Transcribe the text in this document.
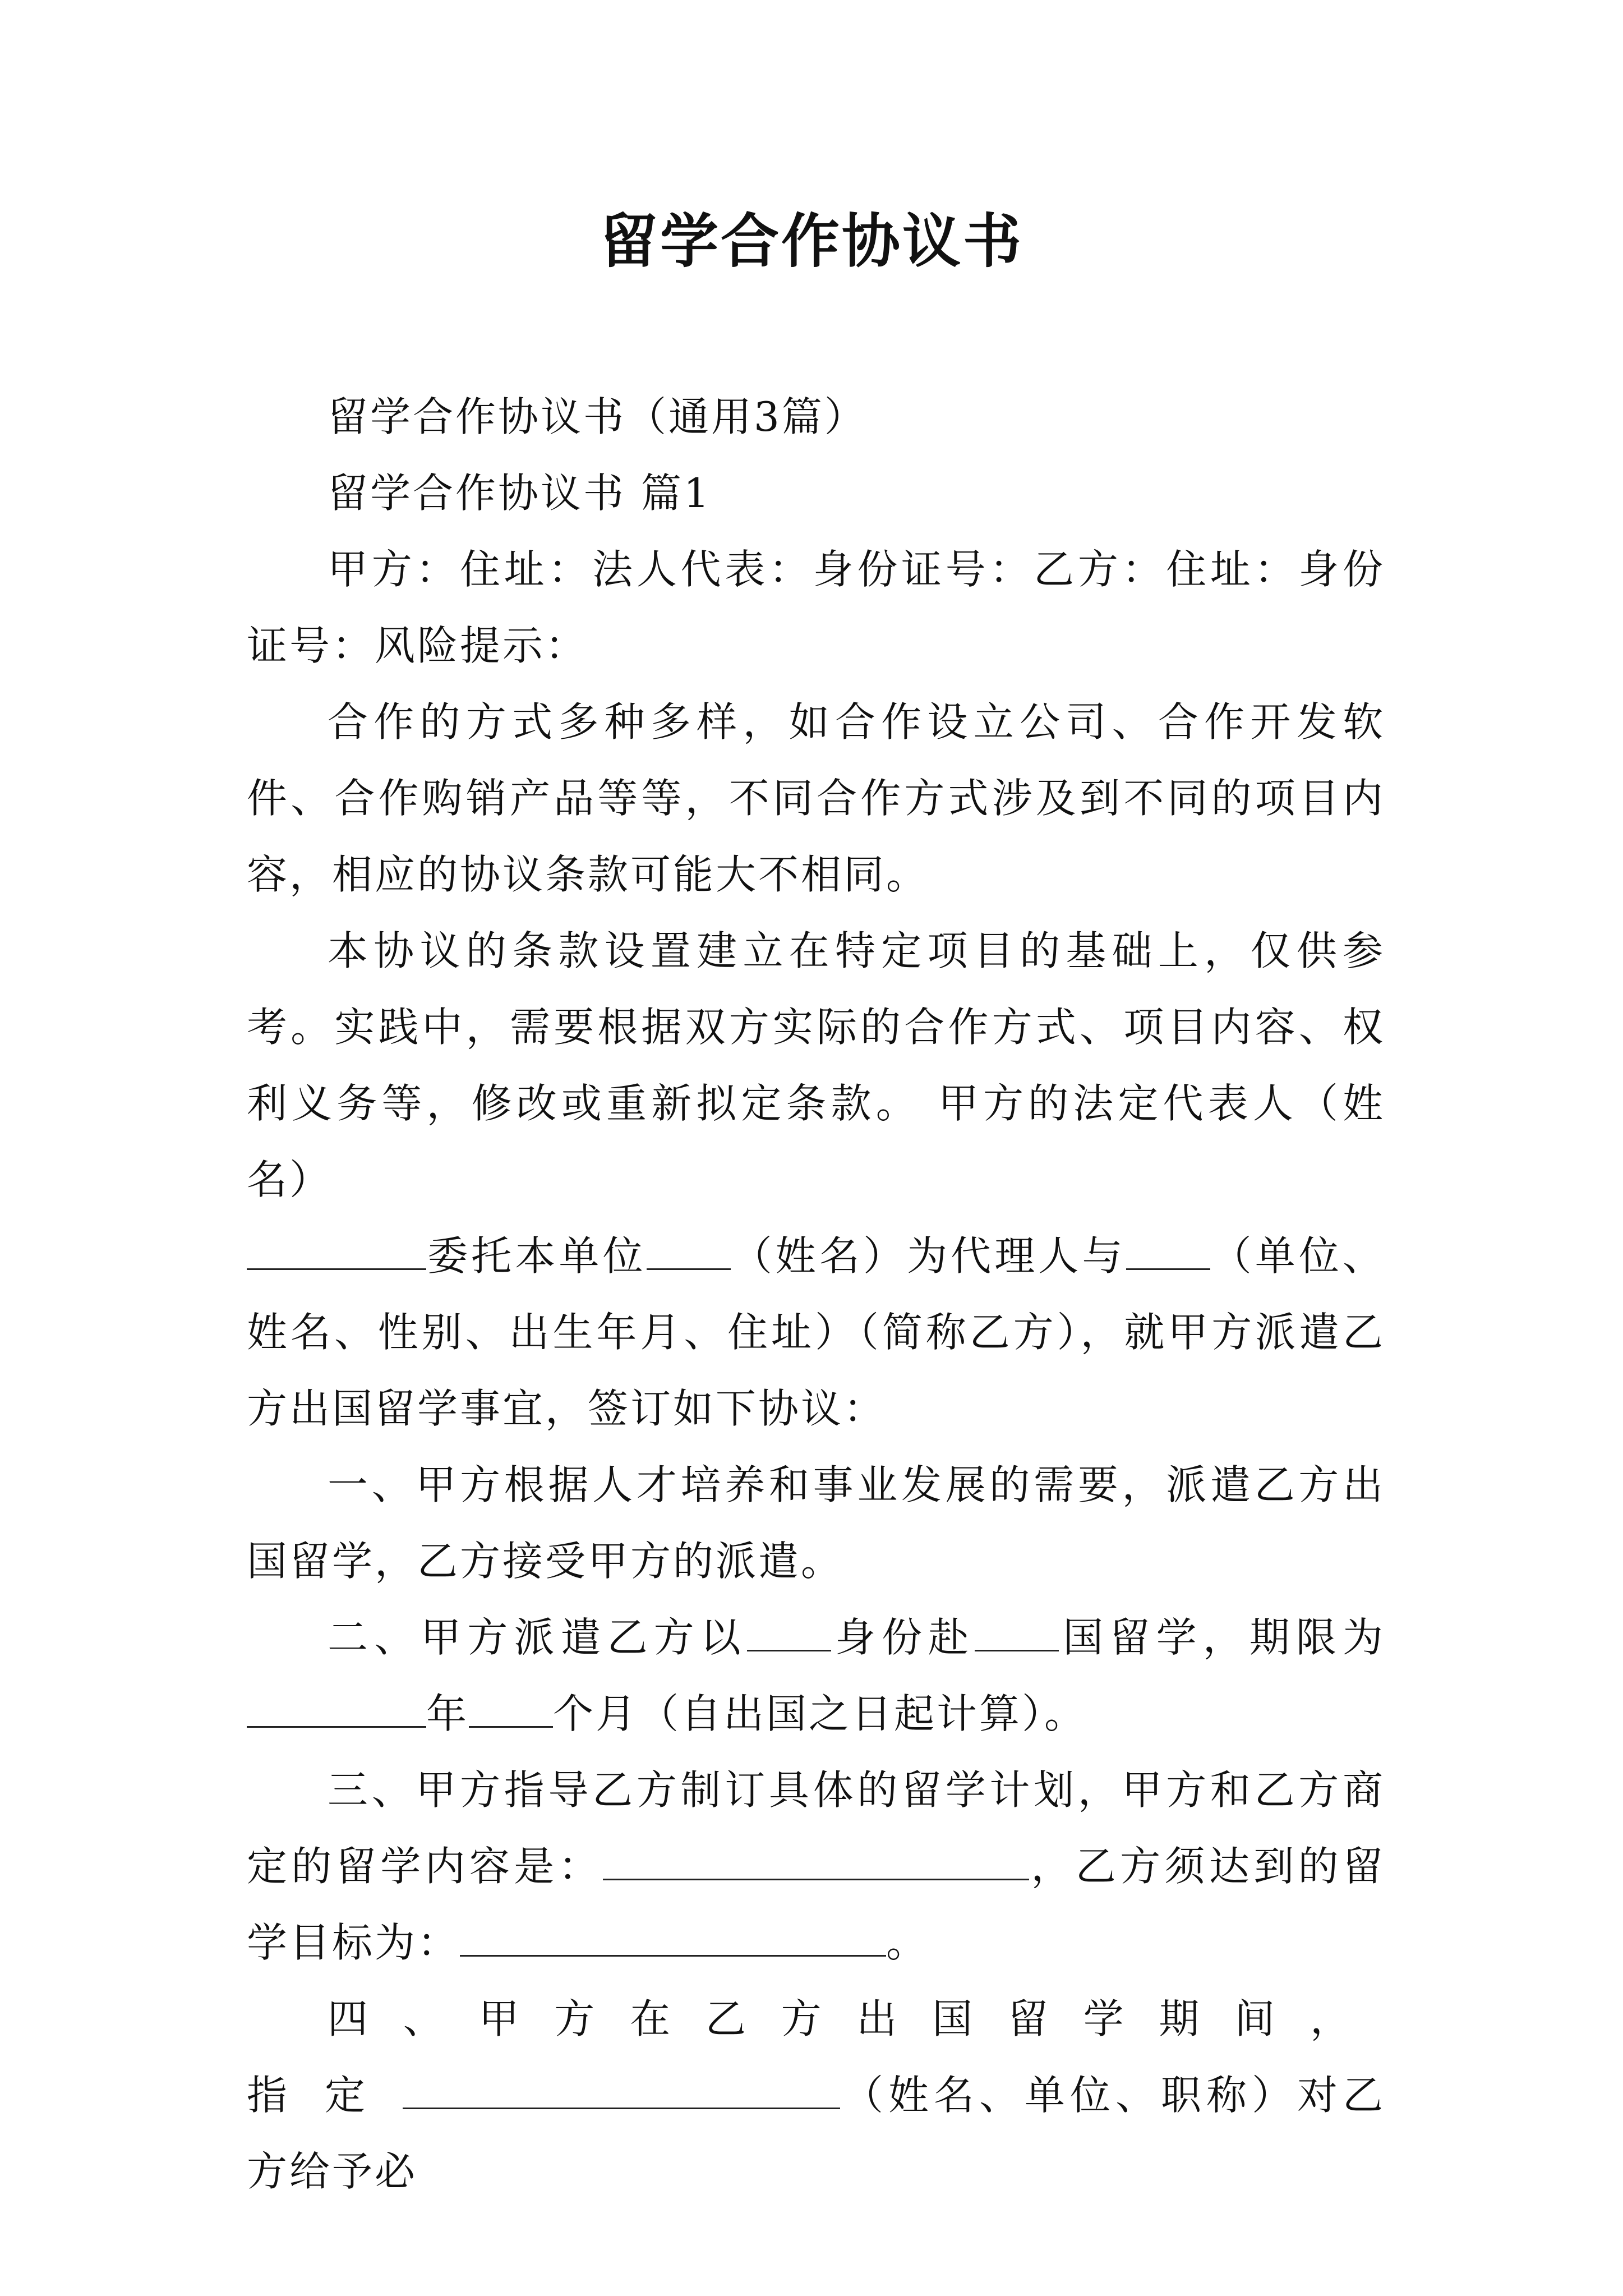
留学合作协议书

留学合作协议书（通用3篇）

留学合作协议书 篇1

甲方：住址：法人代表：身份证号：乙方：住址：身份证号：风险提示：

合作的方式多种多样，如合作设立公司、合作开发软件、合作购销产品等等，不同合作方式涉及到不同的项目内容，相应的协议条款可能大不相同。

本协议的条款设置建立在特定项目的基础上，仅供参考。实践中，需要根据双方实际的合作方式、项目内容、权利义务等，修改或重新拟定条款。 甲方的法定代表人（姓名）

委托本单位 （姓名）为代理人与 （单位、姓名、性别、出生年月、住址）（简称乙方），就甲方派遣乙方出国留学事宜，签订如下协议：

一、甲方根据人才培养和事业发展的需要，派遣乙方出国留学，乙方接受甲方的派遣。

二、甲方派遣乙方以 身份赴 国留学，期限为年 个月（自出国之日起计算）。

三、甲方指导乙方制订具体的留学计划，甲方和乙方商定的留学内容是：	，乙方须达到的留学目标为：	。

四、甲方在乙方出国留学期间，指定	（姓名、单位、职称）对乙方给予必
